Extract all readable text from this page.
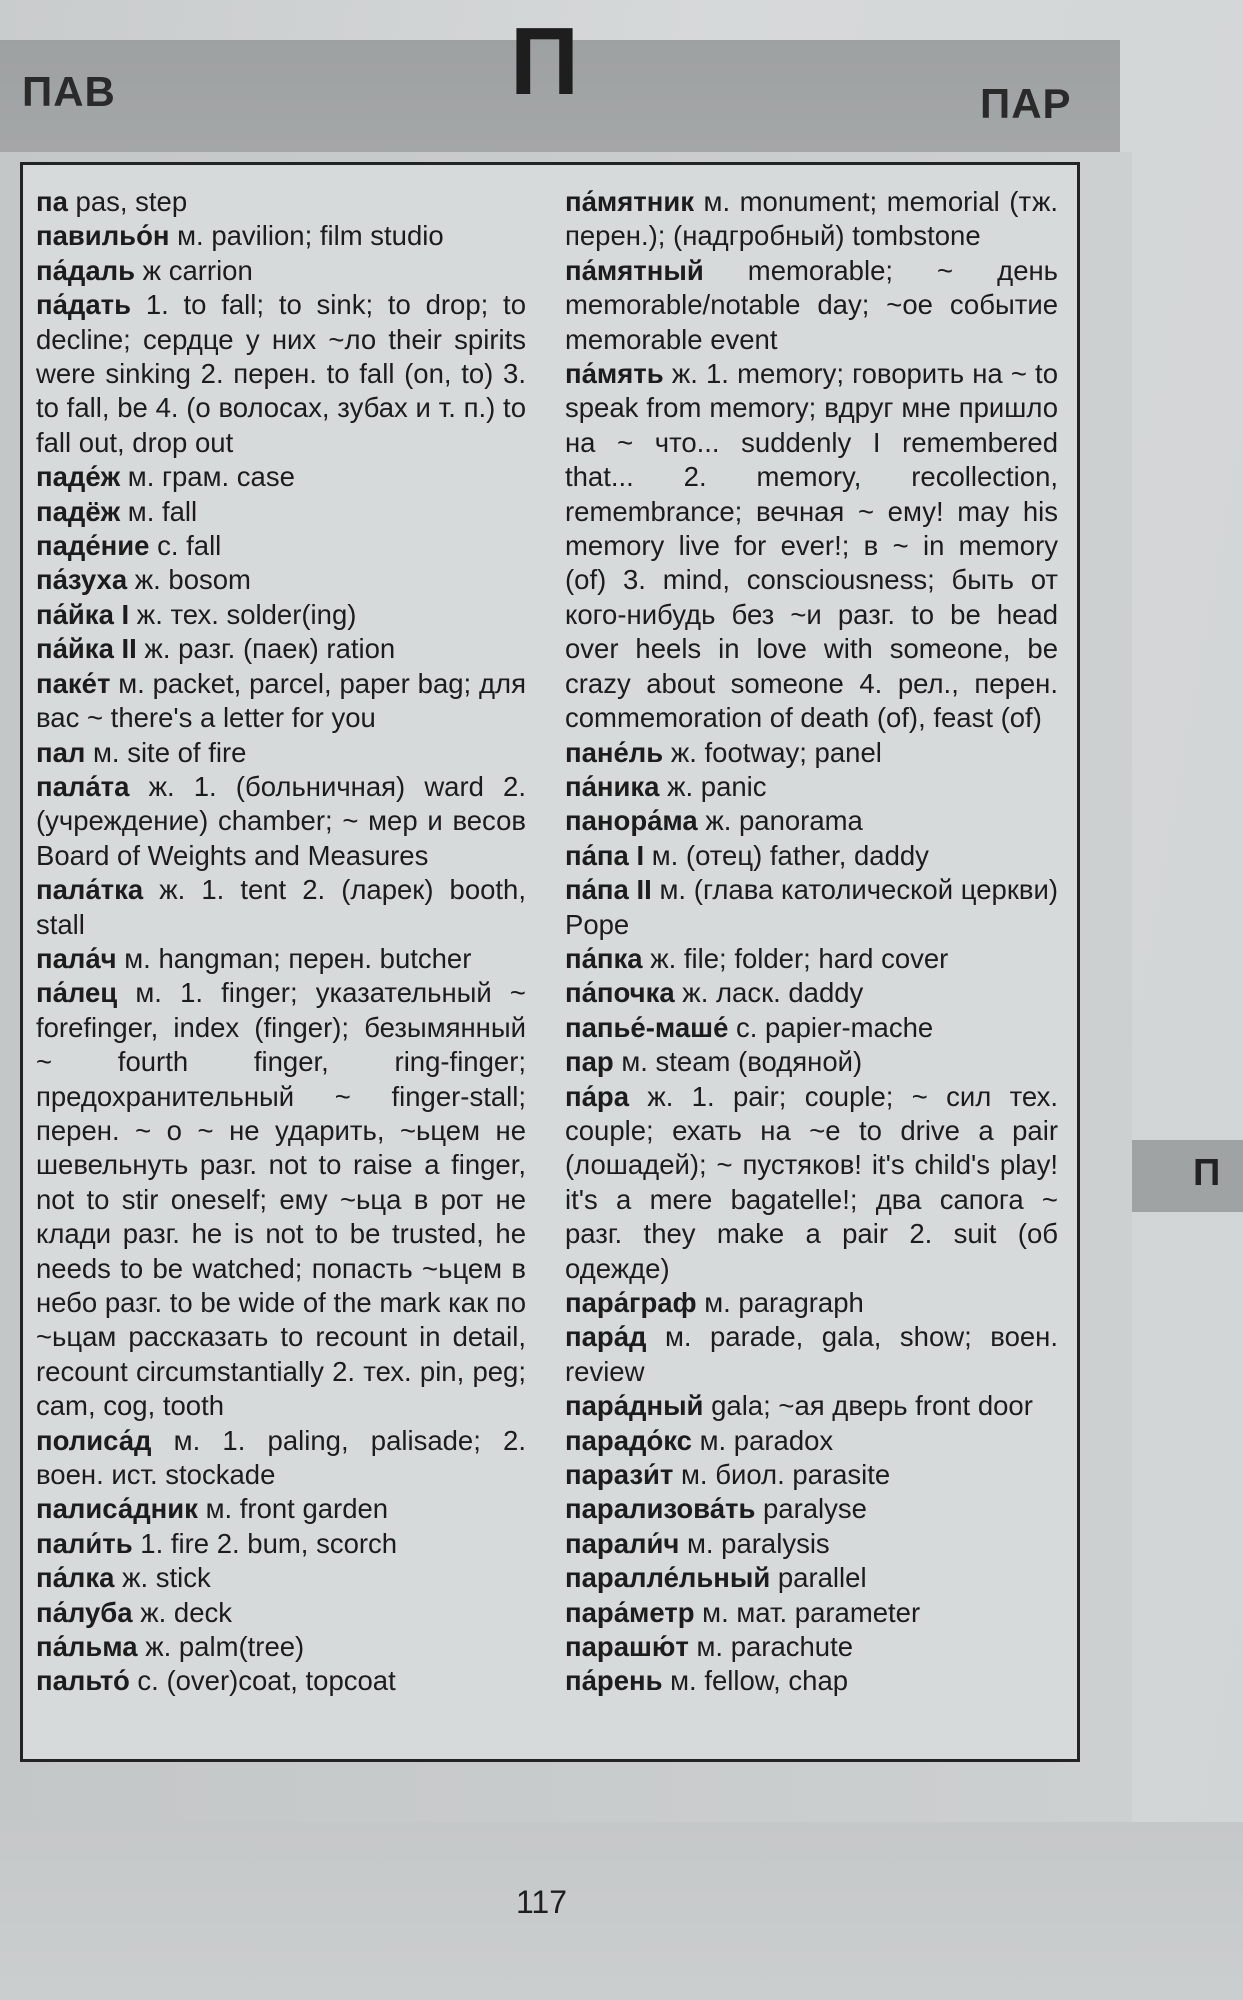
ПАВ	П	ПАР

па pas, step

павильо́н м. pavilion; film studio

па́даль ж carrion

па́дать 1. to fall; to sink; to drop; to decline; сердце у них ~ло their spirits were sinking 2. перен. to fall (on, to) 3. to fall, be 4. (о волосах, зубах и т. п.) to fall out, drop out

паде́ж м. грам. case

падёж м. fall

паде́ние с. fall

па́зуха ж. bosom

па́йка I ж. тех. solder(ing)

па́йка II ж. разг. (паек) ration

паке́т м. packet, parcel, paper bag; для вас ~ there's a letter for you

пал м. site of fire

пала́та ж. 1. (больничная) ward 2. (учреждение) chamber; ~ мер и весов Board of Weights and Measures

пала́тка ж. 1. tent 2. (ларек) booth, stall

пала́ч м. hangman; перен. butcher

па́лец м. 1. finger; указательный ~ forefinger, index (finger); безымянный ~ fourth finger, ring-finger; предохранительный ~ finger-stall; перен. ~ о ~ не ударить, ~ьцем не шевельнуть разг. not to raise a finger, not to stir oneself; ему ~ьца в рот не клади разг. he is not to be trusted, he needs to be watched; попасть ~ьцем в небо разг. to be wide of the mark как по ~ьцам рассказать to recount in detail, recount circumstantially 2. тех. pin, peg; cam, cog, tooth

полиса́д м. 1. paling, palisade; 2. воен. ист. stockade

палиса́дник м. front garden

пали́ть 1. fire 2. bum, scorch

па́лка ж. stick

па́луба ж. deck

па́льма ж. palm(tree)

пальто́ с. (over)coat, topcoat

па́мятник м. monument; memorial (тж. перен.); (надгробный) tombstone

па́мятный memorable; ~ день memorable/notable day; ~ое событие memorable event

па́мять ж. 1. memory; говорить на ~ to speak from memory; вдруг мне пришло на ~ что... suddenly I remembered that... 2. memory, recollection, remembrance; вечная ~ ему! may his memory live for ever!; в ~ in memory (of) 3. mind, consciousness; быть от кого-нибудь без ~и разг. to be head over heels in love with someone, be crazy about someone 4. рел., перен. commemoration of death (of), feast (of)

пане́ль ж. footway; panel

па́ника ж. panic

панора́ма ж. panorama

па́па I м. (отец) father, daddy

па́па II м. (глава католической церкви) Pope

па́пка ж. file; folder; hard cover

па́почка ж. ласк. daddy

папье́-маше́ с. papier-mache

пар м. steam (водяной)

па́ра ж. 1. pair; couple; ~ сил тех. couple; ехать на ~е to drive a pair (лошадей); ~ пустяков! it's child's play! it's a mere bagatelle!; два сапога ~ разг. they make a pair 2. suit (об одежде)

пара́граф м. paragraph

пара́д м. parade, gala, show; воен. review

пара́дный gala; ~ая дверь front door

парадо́кс м. paradox

парази́т м. биол. parasite

парализова́ть paralyse

парали́ч м. paralysis

паралле́льный parallel

пара́метр м. мат. parameter

парашю́т м. parachute

па́рень м. fellow, chap

П
117
